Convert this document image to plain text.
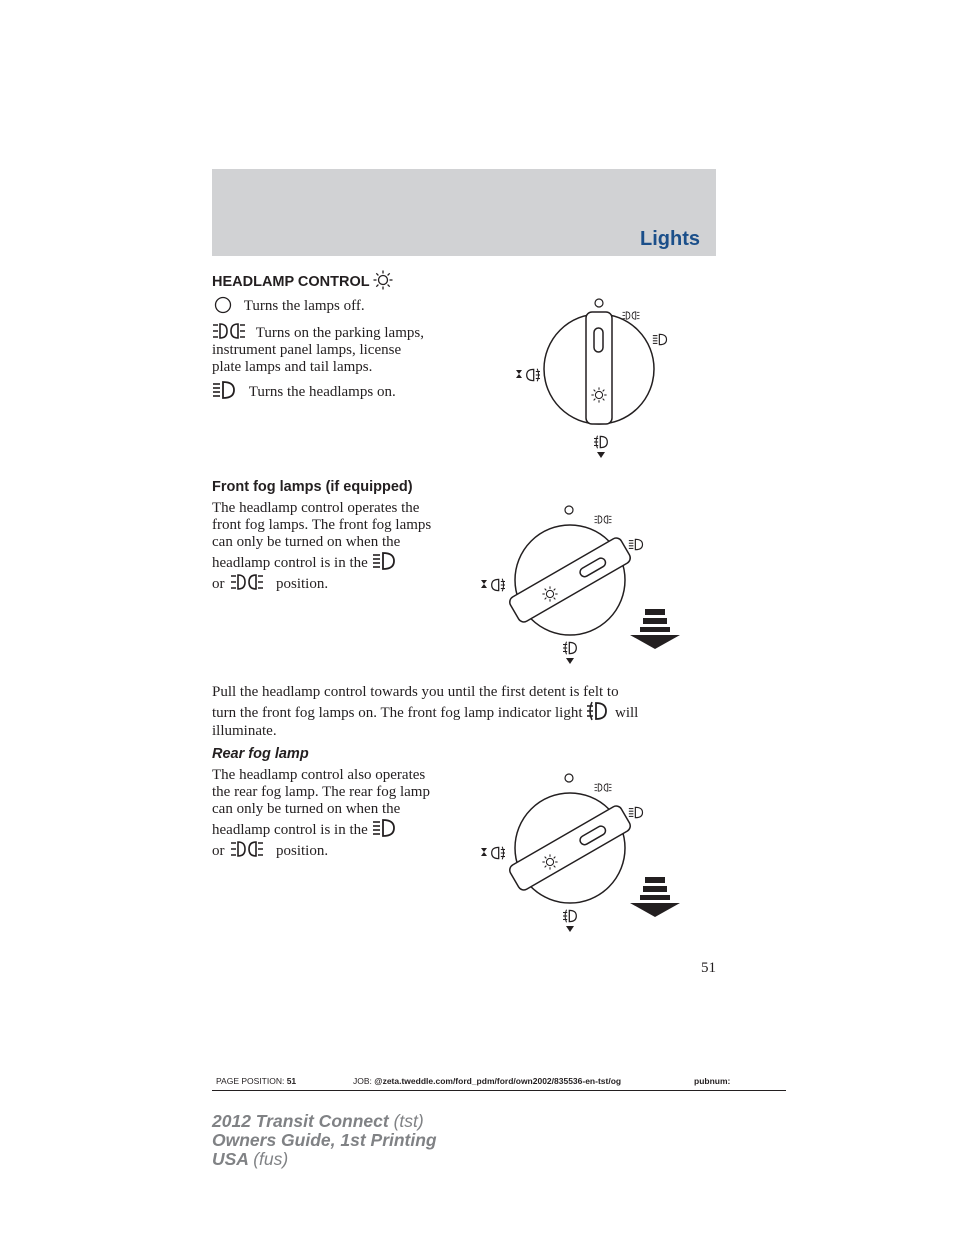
Lights
HEADLAMP CONTROL
Turns the lamps off.
Turns on the parking lamps,
instrument panel lamps, license
plate lamps and tail lamps.
Turns the headlamps on.
Front fog lamps (if equipped)
The headlamp control operates the
front fog lamps. The front fog lamps
can only be turned on when the
headlamp control is in the
or	position.
Pull the headlamp control towards you until the first detent is felt to
turn the front fog lamps on. The front fog lamp indicator light will
illuminate.
Rear fog lamp
The headlamp control also operates
the rear fog lamp. The rear fog lamp
can only be turned on when the
headlamp control is in the
or	position.
51
PAGE POSITION: 51	JOB: @zeta.tweddle.com/ford_pdm/ford/own2002/835536-en-tst/og	pubnum:
2012 Transit Connect (tst)
Owners Guide, 1st Printing
USA (fus)
